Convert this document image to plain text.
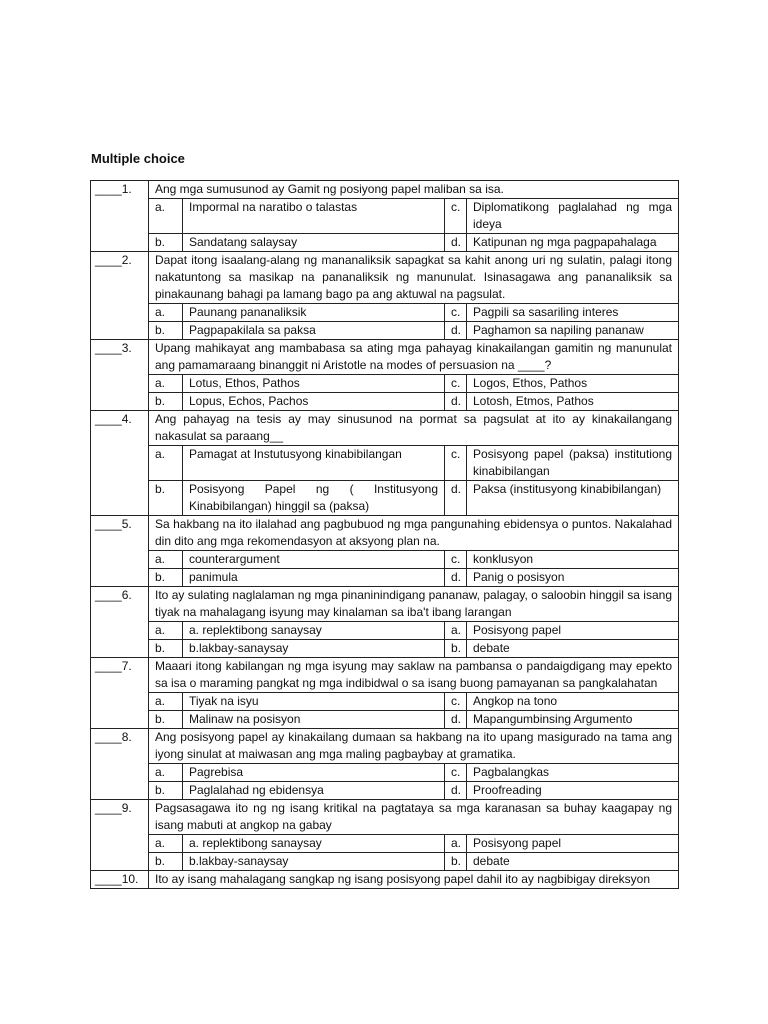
Multiple choice
____1.	Ang mga sumusunod ay Gamit ng posiyong papel maliban sa isa.			
	a.	Impormal na naratibo o talastas	c.	Diplomatikong paglalahad ng mga ideya
	b.	Sandatang salaysay	d.	Katipunan ng mga pagpapahalaga
____2.	Dapat itong isaalang-alang ng mananaliksik sapagkat sa kahit anong uri ng sulatin, palagi itong nakatuntong sa masikap na pananaliksik ng manunulat. Isinasagawa ang pananaliksik sa pinakaunang bahagi pa lamang bago pa ang aktuwal na pagsulat.			
	a.	Paunang pananaliksik	c.	Pagpili sa sasariling interes
	b.	Pagpapakilala sa paksa	d.	Paghamon sa napiling pananaw
____3.	Upang mahikayat ang mambabasa sa ating mga pahayag kinakailangan gamitin ng manunulat ang pamamaraang binanggit ni Aristotle na modes of persuasion na ____?			
	a.	Lotus, Ethos, Pathos	c.	Logos, Ethos, Pathos
	b.	Lopus, Echos, Pachos	d.	Lotosh, Etmos, Pathos
____4.	Ang pahayag na tesis ay may sinusunod na pormat sa pagsulat at ito ay kinakailangang nakasulat sa paraang__			
	a.	Pamagat at Instutusyong kinabibilangan	c.	Posisyong papel (paksa) institutiong kinabibilangan
	b.	Posisyong Papel ng ( Institusyong Kinabibilangan) hinggil sa (paksa)	d.	Paksa (institusyong kinabibilangan)
____5.	Sa hakbang na ito ilalahad ang pagbubuod ng mga pangunahing ebidensya o puntos. Nakalahad din dito ang mga rekomendasyon at aksyong plan na.			
	a.	counterargument	c.	konklusyon
	b.	panimula	d.	Panig o posisyon
____6.	Ito ay sulating naglalaman ng mga pinaninindigang pananaw, palagay, o saloobin hinggil sa isang tiyak na mahalagang isyung may kinalaman sa iba't ibang larangan			
	a.	a. replektibong sanaysay	a.	Posisyong papel
	b.	b.lakbay-sanaysay	b.	debate
____7.	Maaari itong kabilangan ng mga isyung may saklaw na pambansa o pandaigdigang may epekto sa isa o maraming pangkat ng mga indibidwal o sa isang buong pamayanan sa pangkalahatan			
	a.	Tiyak na isyu	c.	Angkop na tono
	b.	Malinaw na posisyon	d.	Mapangumbinsing Argumento
____8.	Ang posisyong papel ay kinakailang dumaan sa hakbang na ito upang masigurado na tama ang iyong sinulat at maiwasan ang mga maling pagbaybay at gramatika.			
	a.	Pagrebisa	c.	Pagbalangkas
	b.	Paglalahad ng ebidensya	d.	Proofreading
____9.	Pagsasagawa ito ng ng isang kritikal na pagtataya sa mga karanasan sa buhay kaagapay ng isang mabuti at angkop na gabay			
	a.	a. replektibong sanaysay	a.	Posisyong papel
	b.	b.lakbay-sanaysay	b.	debate
____10.	Ito ay isang mahalagang sangkap ng isang posisyong papel dahil ito ay nagbibigay direksyon			
